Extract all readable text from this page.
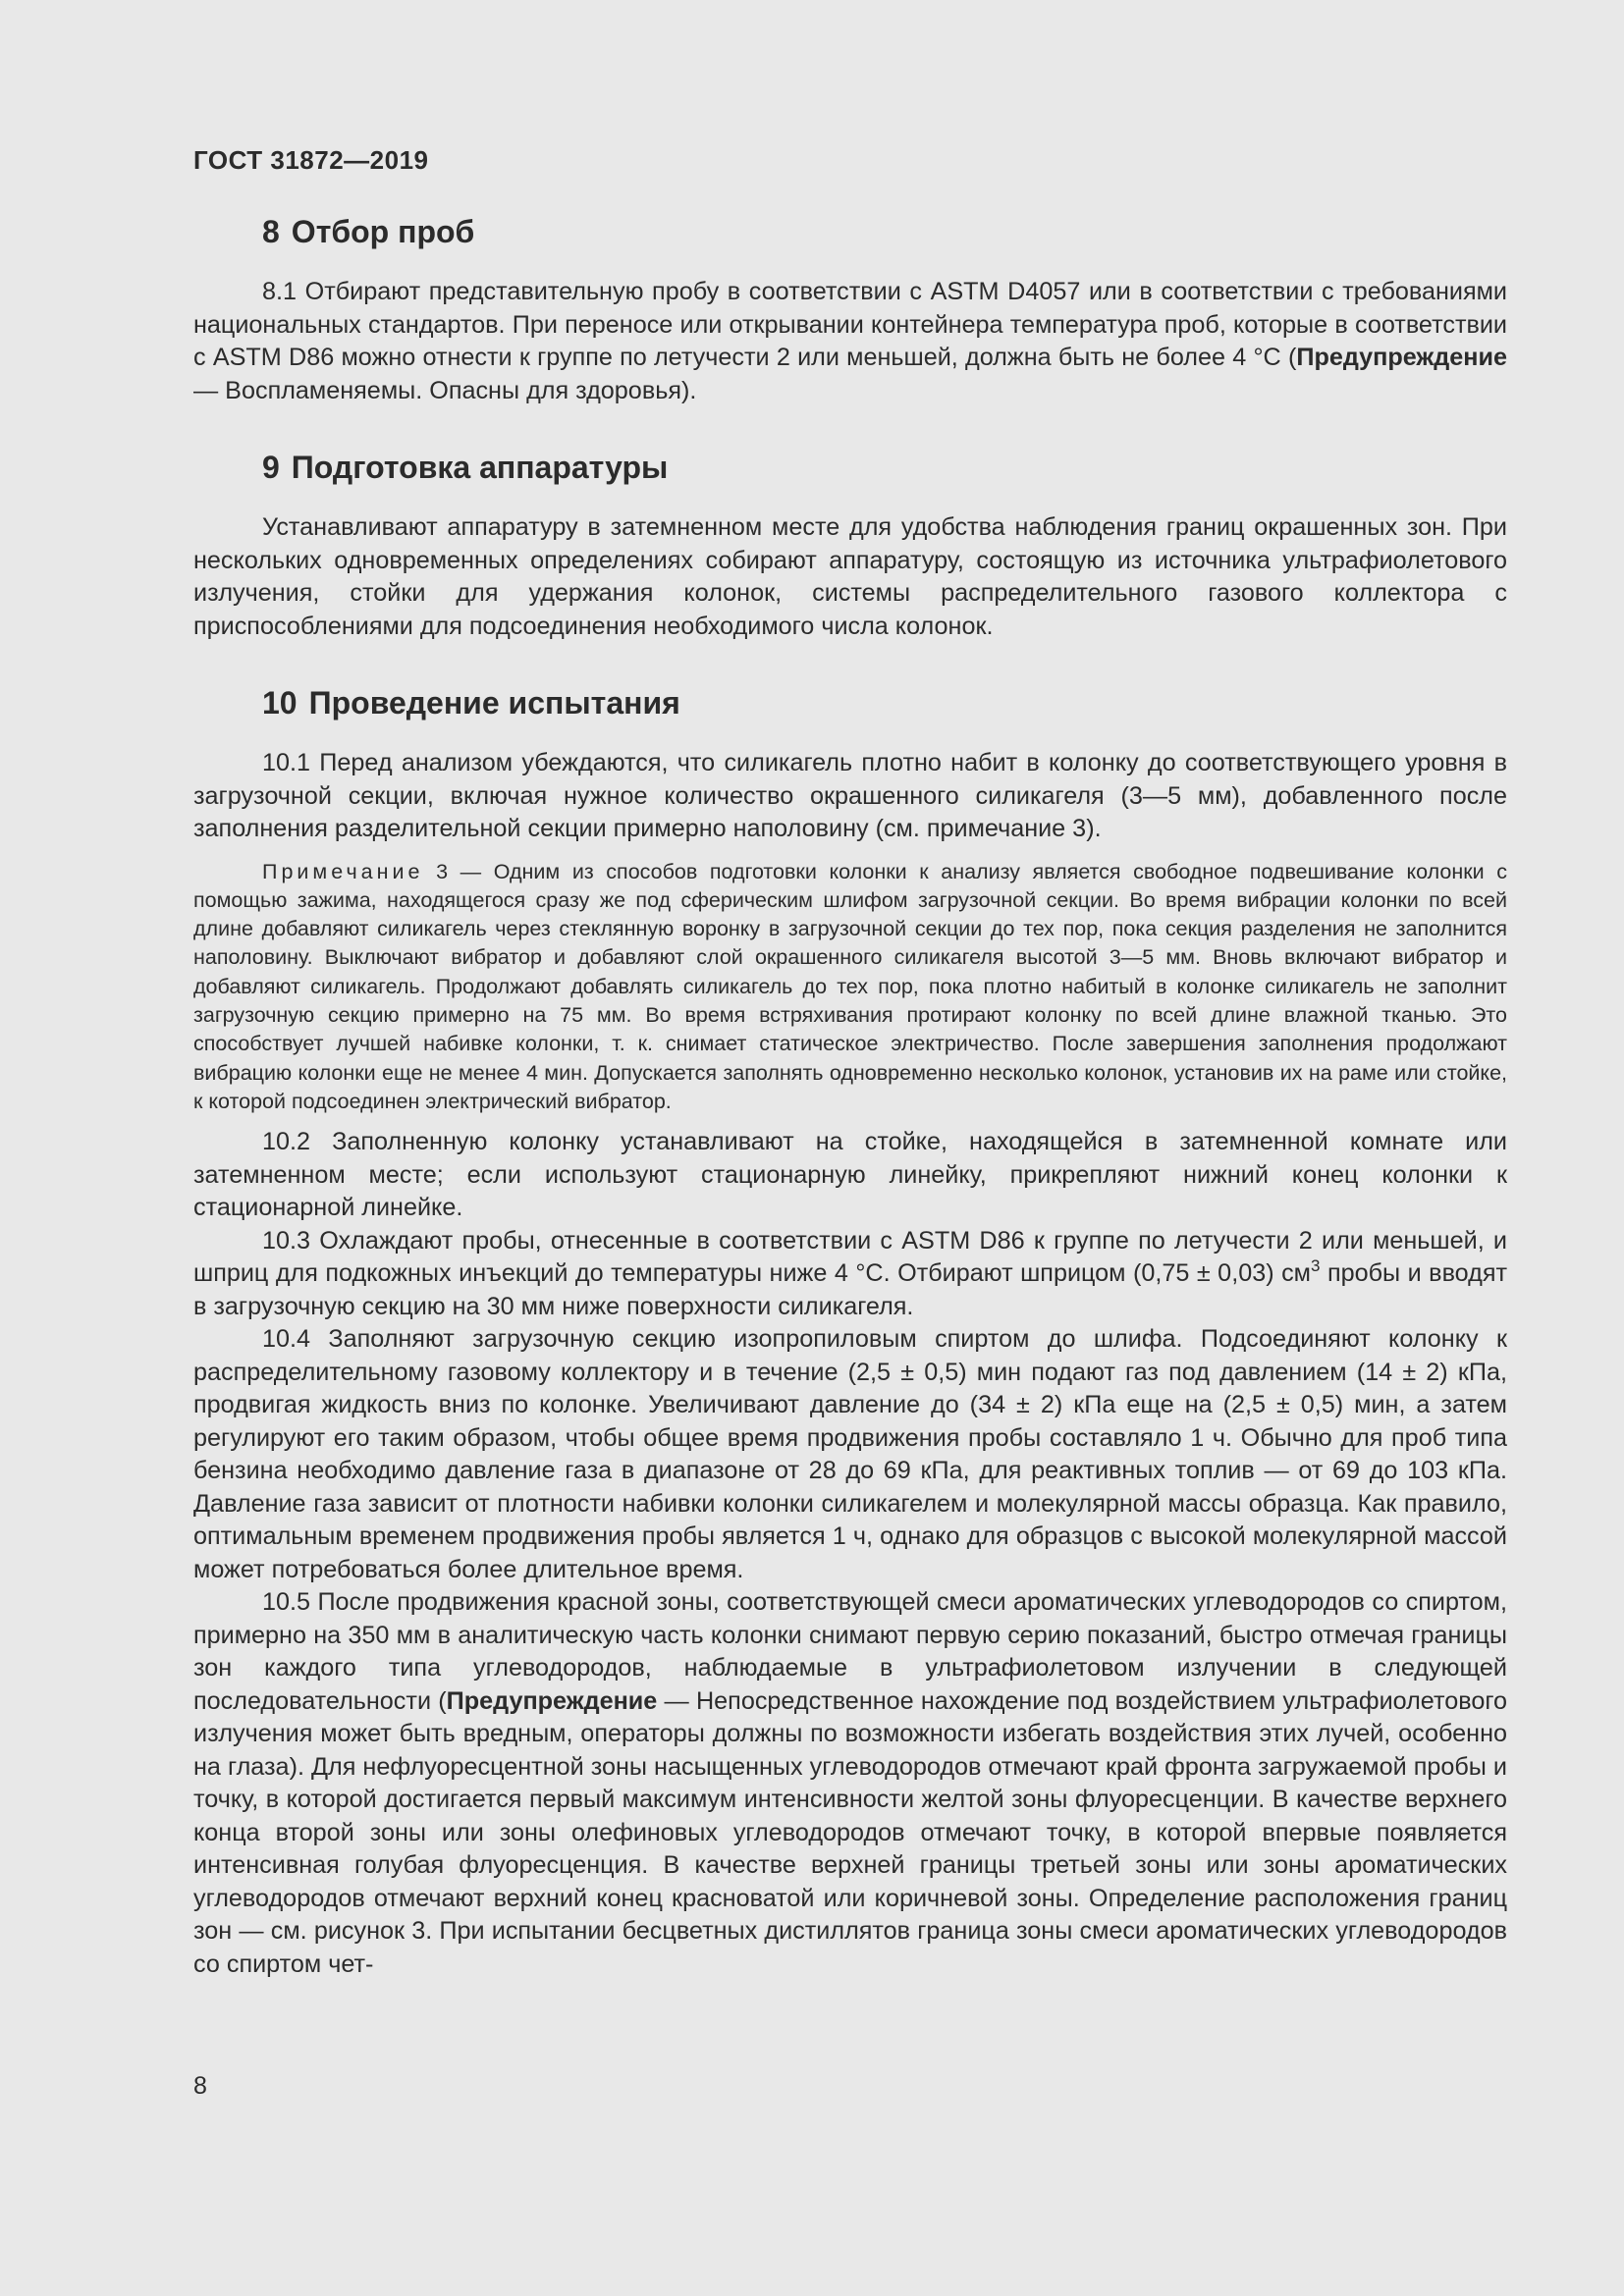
ГОСТ 31872—2019
8 Отбор проб

8.1 Отбирают представительную пробу в соответствии с ASTM D4057 или в соответствии с требованиями национальных стандартов. При переносе или открывании контейнера температура проб, которые в соответствии с ASTM D86 можно отнести к группе по летучести 2 или меньшей, должна быть не более 4 °С (Предупреждение — Воспламеняемы. Опасны для здоровья).

9 Подготовка аппаратуры

Устанавливают аппаратуру в затемненном месте для удобства наблюдения границ окрашенных зон. При нескольких одновременных определениях собирают аппаратуру, состоящую из источника ультрафиолетового излучения, стойки для удержания колонок, системы распределительного газового коллектора с приспособлениями для подсоединения необходимого числа колонок.

10 Проведение испытания

10.1 Перед анализом убеждаются, что силикагель плотно набит в колонку до соответствующего уровня в загрузочной секции, включая нужное количество окрашенного силикагеля (3—5 мм), добавленного после заполнения разделительной секции примерно наполовину (см. примечание 3).

Примечание 3 — Одним из способов подготовки колонки к анализу является свободное подвешивание колонки с помощью зажима, находящегося сразу же под сферическим шлифом загрузочной секции. Во время вибрации колонки по всей длине добавляют силикагель через стеклянную воронку в загрузочной секции до тех пор, пока секция разделения не заполнится наполовину. Выключают вибратор и добавляют слой окрашенного силикагеля высотой 3—5 мм. Вновь включают вибратор и добавляют силикагель. Продолжают добавлять силикагель до тех пор, пока плотно набитый в колонке силикагель не заполнит загрузочную секцию примерно на 75 мм. Во время встряхивания протирают колонку по всей длине влажной тканью. Это способствует лучшей набивке колонки, т. к. снимает статическое электричество. После завершения заполнения продолжают вибрацию колонки еще не менее 4 мин. Допускается заполнять одновременно несколько колонок, установив их на раме или стойке, к которой подсоединен электрический вибратор.

10.2 Заполненную колонку устанавливают на стойке, находящейся в затемненной комнате или затемненном месте; если используют стационарную линейку, прикрепляют нижний конец колонки к стационарной линейке.

10.3 Охлаждают пробы, отнесенные в соответствии с ASTM D86 к группе по летучести 2 или меньшей, и шприц для подкожных инъекций до температуры ниже 4 °С. Отбирают шприцом (0,75 ± 0,03) $см^3$ пробы и вводят в загрузочную секцию на 30 мм ниже поверхности силикагеля.

10.4 Заполняют загрузочную секцию изопропиловым спиртом до шлифа. Подсоединяют колонку к распределительному газовому коллектору и в течение (2,5 ± 0,5) мин подают газ под давлением (14 ± 2) кПа, продвигая жидкость вниз по колонке. Увеличивают давление до (34 ± 2) кПа еще на (2,5 ± 0,5) мин, а затем регулируют его таким образом, чтобы общее время продвижения пробы составляло 1 ч. Обычно для проб типа бензина необходимо давление газа в диапазоне от 28 до 69 кПа, для реактивных топлив — от 69 до 103 кПа. Давление газа зависит от плотности набивки колонки силикагелем и молекулярной массы образца. Как правило, оптимальным временем продвижения пробы является 1 ч, однако для образцов с высокой молекулярной массой может потребоваться более длительное время.

10.5 После продвижения красной зоны, соответствующей смеси ароматических углеводородов со спиртом, примерно на 350 мм в аналитическую часть колонки снимают первую серию показаний, быстро отмечая границы зон каждого типа углеводородов, наблюдаемые в ультрафиолетовом излучении в следующей последовательности (Предупреждение — Непосредственное нахождение под воздействием ультрафиолетового излучения может быть вредным, операторы должны по возможности избегать воздействия этих лучей, особенно на глаза). Для нефлуоресцентной зоны насыщенных углеводородов отмечают край фронта загружаемой пробы и точку, в которой достигается первый максимум интенсивности желтой зоны флуоресценции. В качестве верхнего конца второй зоны или зоны олефиновых углеводородов отмечают точку, в которой впервые появляется интенсивная голубая флуоресценция. В качестве верхней границы третьей зоны или зоны ароматических углеводородов отмечают верхний конец красноватой или коричневой зоны. Определение расположения границ зон — см. рисунок 3. При испытании бесцветных дистиллятов граница зоны смеси ароматических углеводородов со спиртом чет-

8
